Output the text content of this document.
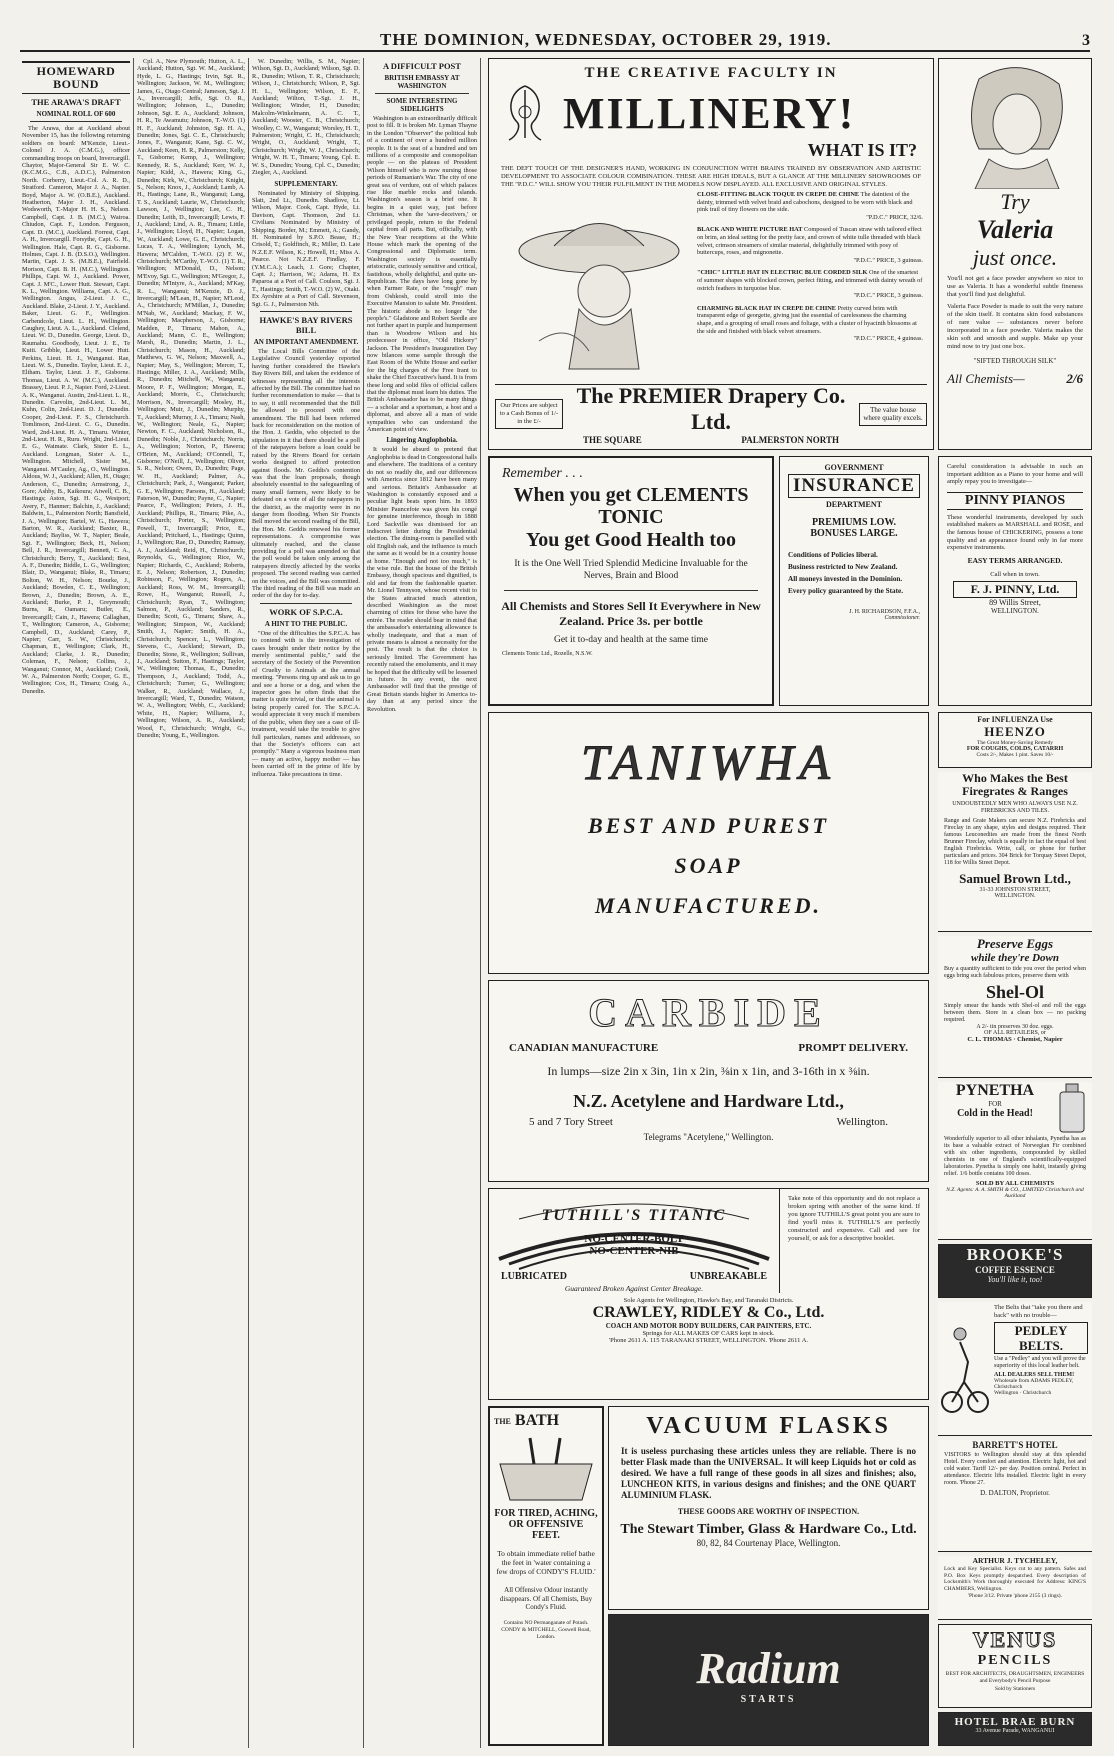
THE DOMINION, WEDNESDAY, OCTOBER 29, 1919.	3
HOMEWARD BOUND
THE ARAWA'S DRAFT
NOMINAL ROLL OF 600

The Arawa, due at Auckland about November 15, has the following returning soldiers on board: M'Kenzie, Lieut.-Colonel J. A. (C.M.G.), officer commanding troops on board, Invercargill. Chaytor, Major-General Sir E. W. C. (K.C.M.G., C.B., A.D.C.), Palmerston North. Corberry, Lieut.-Col. A. R. D., Stratford. Cameron, Major J. A., Napier. Boyd, Major A. W. (O.B.E.), Auckland. Heatherton, Major J. H., Auckland. Wodsworth, T.-Major H. H. S., Nelson. Campbell, Capt. J. B. (M.C.), Wairoa. Chiudon, Capt. F., London. Ferguson, Capt. D. (M.C.), Auckland. Forrest, Capt. A. H., Invercargill. Forsythe, Capt. G. H., Wellington. Hale, Capt. R. G., Gisborne. Holmes, Capt. J. B. (D.S.O.), Wellington. Martin, Capt. J. S. (M.B.E.), Fairfield. Morison, Capt. B. H. (M.C.), Wellington. Phillips, Capt. W. J., Auckland. Power, Capt. J. M'C., Lower Hutt. Stewart, Capt. K. L., Wellington. Williams, Capt. A. G., Wellington. Angus, 2-Lieut. J. C., Auckland. Blake, 2-Lieut. J. Y., Auckland. Baker, Lieut. G. F., Wellington. Carbendcole, Lieut. L. H., Wellington. Caughey, Lieut. A. L., Auckland. Clelend, Lieut. W. D., Dunedin. George, Lieut. D., Raumahu. Goodbody, Lieut. J. E., Te Kuiti. Gribble, Lieut. H., Lower Hutt. Perkins, Lieut. H. J., Wanganui. Rae, Lieut. W. S., Dunedin. Taylor, Lieut. E. J., Eltham. Taylor, Lieut. J. F., Gisborne. Thomas, Lieut. A. W. (M.C.), Auckland. Brassey, Lieut. P. J., Napier. Ford, 2-Lieut. A. K., Wanganui. Austin, 2nd-Lieut. L. R., Dunedin. Carvolin, 2nd-Lieut. L. M., Kuhn, Colin, 2nd-Lieut. D. J., Dunedin. Cooper, 2nd-Lieut. F. S., Christchurch. Tomlinson, 2nd-Lieut. C. G., Dunedin. Ward, 2nd-Lieut. H. A., Timaru. Winter, 2nd-Lieut. H. R., Ruru. Wright, 2nd-Lieut. E. G., Waimate. Clark, Sister E. L., Auckland. Longman, Sister A. L., Wellington. Mitchell, Sister M., Wanganui. M'Cauley, Ag., O., Wellington. Aldous, W. J., Auckland; Allen, H., Otago; Anderson, C., Dunedin; Armstrong, J., Gore; Ashby, B., Kaikoura; Atwell, C. B., Hastings; Aston, Sgt. H. G., Westport; Avery, F., Hanmer; Balchin, J., Auckland; Baldwin, L., Palmerston North; Bansfield, J. A., Wellington; Bartel, W. G., Hawera; Barton, W. R., Auckland; Baxter, R., Auckland; Bayliss, W. T., Napier; Beale, Sgt. F., Wellington; Beck, H., Nelson; Bell, J. R., Invercargill; Bennett, C. A., Christchurch; Berry, T., Auckland; Best, A. F., Dunedin; Biddle, L. G., Wellington; Blair, D., Wanganui; Blake, R., Timaru; Bolton, W. H., Nelson; Bourke, J., Auckland; Bowden, C. E., Wellington; Brown, J., Dunedin; Brown, A. E., Auckland; Burke, P. J., Greymouth; Burns, R., Oamaru; Butler, E., Invercargill; Cain, J., Hawera; Callaghan, T., Wellington; Cameron, A., Gisborne; Campbell, D., Auckland; Carey, P., Napier; Carr, S. W., Christchurch; Chapman, E., Wellington; Clark, H., Auckland; Clarke, J. R., Dunedin; Coleman, F., Nelson; Collins, J., Wanganui; Connor, M., Auckland; Cook, W. A., Palmerston North; Cooper, G. E., Wellington; Cox, H., Timaru; Craig, A., Dunedin.

Cpl. A., New Plymouth; Hutton, A. L., Auckland; Hutton, Sgt. W. M., Auckland; Hyde, L. G., Hastings; Irvin, Sgt. R., Wellington; Jackson, W. M., Wellington; James, G., Otago Central; Jameson, Sgt. J. A., Invercargill; Jeffs, Sgt. O. R., Wellington; Johnson, L., Dunedin; Johnson, Sgt. E. A., Auckland; Johnson, H. R., Te Awamutu; Johnson, T.-W.O. (1) H. F., Auckland; Johnston, Sgt. H. A., Dunedin; Jones, Sgt. C. E., Christchurch; Jones, F., Wanganui; Kane, Sgt. C. W., Auckland; Keen, H. R., Palmerston; Kelly, T., Gisborne; Kemp, J., Wellington; Kennedy, R. S., Auckland; Kerr, W. J., Napier; Kidd, A., Hawera; King, G., Dunedin; Kirk, W., Christchurch; Knight, S., Nelson; Knox, J., Auckland; Lamb, A. H., Hastings; Lane, R., Wanganui; Lang, T. S., Auckland; Laurie, W., Christchurch; Lawson, J., Wellington; Lee, C. H., Dunedin; Leith, D., Invercargill; Lewis, F. J., Auckland; Lind, A. R., Timaru; Little, J., Wellington; Lloyd, H., Napier; Logan, W., Auckland; Lowe, G. E., Christchurch; Lucas, T. A., Wellington; Lynch, M., Hawera; M'Caldon, T.-W.O. (2) F. W., Christchurch; M'Carthy, T.-W.O. (1) T. R., Wellington; M'Donald, D., Nelson; M'Evoy, Sgt. C., Wellington; M'Gregor, J., Dunedin; M'Intyre, A., Auckland; M'Kay, R. L., Wanganui; M'Kenzie, D. J., Invercargill; M'Lean, H., Napier; M'Leod, A., Christchurch; M'Millan, J., Dunedin; M'Nab, W., Auckland; Mackay, F. W., Wellington; Macpherson, J., Gisborne; Madden, P., Timaru; Mahon, A., Auckland; Mann, C. E., Wellington; Marsh, R., Dunedin; Martin, J. L., Christchurch; Mason, H., Auckland; Matthews, G. W., Nelson; Maxwell, A., Napier; May, S., Wellington; Mercer, T., Hastings; Miller, J. A., Auckland; Mills, R., Dunedin; Mitchell, W., Wanganui; Moore, P. F., Wellington; Morgan, E., Auckland; Morris, C., Christchurch; Morrison, N., Invercargill; Mosley, H., Wellington; Muir, J., Dunedin; Murphy, T., Auckland; Murray, J. A., Timaru; Nash, W., Wellington; Neale, G., Napier; Newton, F. C., Auckland; Nicholson, R., Dunedin; Noble, J., Christchurch; Norris, A., Wellington; Norton, P., Hawera; O'Brien, M., Auckland; O'Connell, T., Gisborne; O'Neill, J., Wellington; Oliver, S. R., Nelson; Owen, D., Dunedin; Page, W. H., Auckland; Palmer, A., Christchurch; Park, J., Wanganui; Parker, G. E., Wellington; Parsons, H., Auckland; Paterson, W., Dunedin; Payne, C., Napier; Pearce, F., Wellington; Peters, J. H., Auckland; Phillips, R., Timaru; Pike, A., Christchurch; Porter, S., Wellington; Powell, T., Invercargill; Price, E., Auckland; Pritchard, L., Hastings; Quinn, J., Wellington; Rae, D., Dunedin; Ramsay, A. J., Auckland; Reid, H., Christchurch; Reynolds, G., Wellington; Rice, W., Napier; Richards, C., Auckland; Roberts, E. J., Nelson; Robertson, J., Dunedin; Robinson, F., Wellington; Rogers, A., Auckland; Ross, W. M., Invercargill; Rowe, H., Wanganui; Russell, J., Christchurch; Ryan, T., Wellington; Salmon, P., Auckland; Sanders, R., Dunedin; Scott, G., Timaru; Shaw, A., Wellington; Simpson, W., Auckland; Smith, J., Napier; Smith, H. A., Christchurch; Spencer, L., Wellington; Stevens, C., Auckland; Stewart, D., Dunedin; Stone, R., Wellington; Sullivan, J., Auckland; Sutton, F., Hastings; Taylor, W., Wellington; Thomas, E., Dunedin; Thompson, J., Auckland; Todd, A., Christchurch; Turner, G., Wellington; Walker, R., Auckland; Wallace, J., Invercargill; Ward, T., Dunedin; Watson, W. A., Wellington; Webb, C., Auckland; White, H., Napier; Williams, J., Wellington; Wilson, A. R., Auckland; Wood, F., Christchurch; Wright, G., Dunedin; Young, E., Wellington.

W. Dunedin; Willis, S. M., Napier; Wilson, Sgt. D., Auckland; Wilson, Sgt. D. R., Dunedin; Wilson, T. R., Christchurch; Wilson, J., Christchurch; Wilson, P., Sgt. H. L., Wellington; Wilson, E. F., Auckland; Wilton, T.-Sgt. J. H., Wellington; Winder, H., Dunedin; Malcolm-Winkelmann, A. C. T., Auckland; Wooster, C. B., Christchurch; Woolley, C. W., Wanganui; Worsley, H. T., Palmerston; Wright, C. H., Christchurch; Wright, O., Auckland; Wright, T., Christchurch; Wright, W. J., Christchurch; Wright, W. H. T., Timaru; Young, Cpl. E. W. S., Dunedin; Young, Cpl. C., Dunedin; Ziegler, A., Auckland.

SUPPLEMENTARY.

Nominated by Ministry of Shipping. Slatt, 2nd Lt., Dunedin. Shadlove, Lt. Wilson, Major. Cook, Capt. Hyde, Lt. Davison, Capt. Thomson, 2nd Lt. Civilians Nominated by Ministry of Shipping. Border, M.; Emmett, A.; Gandy, H. Nominated by S.P.O. Bease, H.; Crisold, T.; Goldfinch, R.; Miller, D. Late N.Z.E.F. Wilson, K.; Howell, H.; Miss A. Pearce. Not N.Z.E.F. Findlay, F. (Y.M.C.A.); Leach, J. Gore; Chapter, Capt. J.; Harrison, W.; Adams, H. Ex Paparoa at a Port of Call. Coulson, Sgt. J. T., Hastings; Smith, T.-W.O. (2) W., Otaki. Ex Ayrshire at a Port of Call. Stevenson, Sgt. G. J., Palmerston Nth.

HAWKE'S BAY RIVERS BILL
AN IMPORTANT AMENDMENT.

The Local Bills Committee of the Legislative Council yesterday reported having further considered the Hawke's Bay Rivers Bill, and taken the evidence of witnesses representing all the interests affected by the Bill. The committee had no further recommendation to make — that is to say, it still recommended that the Bill be allowed to proceed with one amendment. The Bill had been referred back for reconsideration on the motion of the Hon. J. Geddis, who objected to the stipulation in it that there should be a poll of the ratepayers before a loan could be raised by the Rivers Board for certain works designed to afford protection against floods. Mr. Geddis's contention was that the loan proposals, though absolutely essential to the safeguarding of many small farmers, were likely to be defeated on a vote of all the ratepayers in the district, as the majority were in no danger from flooding. When Sir Francis Bell moved the second reading of the Bill, the Hon. Mr. Geddis renewed his former representations. A compromise was ultimately reached, and the clause providing for a poll was amended so that the poll would be taken only among the ratepayers directly affected by the works proposed. The second reading was carried on the voices, and the Bill was committed. The third reading of the Bill was made an order of the day for to-day.

WORK OF S.P.C.A.
A HINT TO THE PUBLIC.

"One of the difficulties the S.P.C.A. has to contend with is the investigation of cases brought under their notice by the merely sentimental public," said the secretary of the Society of the Prevention of Cruelty to Animals at the annual meeting. "Persons ring up and ask us to go and see a horse or a dog, and when the inspector goes he often finds that the matter is quite trivial, or that the animal is being properly cared for. The S.P.C.A. would appreciate it very much if members of the public, when they see a case of ill-treatment, would take the trouble to give full particulars, names and addresses, so that the Society's officers can act promptly." Many a vigorous business man — many an active, happy mother — has been carried off in the prime of life by influenza. Take precautions in time.

A DIFFICULT POST
BRITISH EMBASSY AT WASHINGTON
SOME INTERESTING SIDELIGHTS

Washington is an extraordinarily difficult post to fill. It is broken Mr. Lyman Thayne in the London "Observer" the political hub of a continent of over a hundred million people. It is the seat of a hundred and ten millions of a composite and cosmopolitan people — on the plateau of President Wilson himself who is now nursing those periods of Rumanian's War. The city of one great sea of verdure, out of which palaces rise like marble rocks and islands. Washington's season is a brief one. It begins in a quiet way, just before Christmas, when the 'save-deceivers,' or privileged people, return to the Federal capital from all parts. But, officially, with the New Year receptions at the White House which mark the opening of the Congressional and Diplomatic term. Washington society is essentially aristocratic, curiously sensitive and critical, fastidious, wholly delightful, and quite un-Republican. The days have long gone by when Farmer Rate, or the "rough" man from Oshkosh, could stroll into the Executive Mansion to salute Mr. President. The historic abode is no longer "the people's." Gladstone and Robert Seedle are not further apart in purple and humperment than is Woodrow Wilson and his predecessor in office, "Old Hickory" Jackson. The President's Inauguration Day now bilances some sample through the East Room of the White House and earlier for the big charges of the Free Irant to shake the Chief Executive's hand. It is from these long and solid files of official callers that the diplomat must learn his duties. The British Ambassador has to be many things — a scholar and a sportsman, a host and a diplomat, and above all a man of wide sympathies who can understand the American point of view.

Lingering Anglophobia.

It would be absurd to pretend that Anglophobia is dead in Congressional halls and elsewhere. The traditions of a century do not so readily die, and our differences with America since 1812 have been many and serious. Britain's Ambassador at Washington is constantly exposed and a peculiar light beats upon him. In 1893 Minister Pauncefote was given his congé for genuine interference, though in 1888 Lord Sackville was dismissed for an indiscreet letter during the Presidential election. The dining-room is panelled with old English oak, and the influence is much the same as it would be in a country house at home. "Enough and not too much," is the wise rule. But the house of the British Embassy, though spacious and dignified, is old and far from the fashionable quarter. Mr. Lionel Tennyson, whose recent visit to the States attracted much attention, described Washington as the most charming of cities for those who have the entrée. The reader should bear in mind that the ambassador's entertaining allowance is wholly inadequate, and that a man of private means is almost a necessity for the post. The result is that the choice is seriously limited. The Government has recently raised the emoluments, and it may be hoped that the difficulty will be lessened in future. In any event, the next Ambassador will find that the prestige of Great Britain stands higher in America to-day than at any period since the Revolution.

THE CREATIVE FACULTY IN
MILLINERY!
WHAT IS IT?
THE DEFT TOUCH OF THE DESIGNER'S HAND, WORKING IN CONJUNCTION WITH BRAINS TRAINED BY OBSERVATION AND ARTISTIC DEVELOPMENT TO ASSOCIATE COLOUR COMBINATION. THESE ARE HIGH IDEALS, BUT A GLANCE AT THE MILLINERY SHOWROOMS OF THE "P.D.C." WILL SHOW YOU THEIR FULFILMENT IN THE MODELS NOW DISPLAYED. ALL EXCLUSIVE AND ORIGINAL STYLES.
CLOSE-FITTING BLACK TOQUE IN CREPE DE CHINE The daintiest of the dainty, trimmed with velvet braid and cabochons, designed to be worn with black and pink trail of tiny flowers on the side.

"P.D.C." PRICE, 32/6.
BLACK AND WHITE PICTURE HAT Composed of Tuscan straw with tailored effect on brim, an ideal setting for the pretty face, and crown of white tulle threaded with black velvet, crimson streamers of similar material, delightfully trimmed with posy of buttercups, roses, and mignonette.

"P.D.C." PRICE, 3 guineas.
"CHIC" LITTLE HAT IN ELECTRIC BLUE CORDED SILK One of the smartest of summer shapes with blocked crown, perfect fitting, and trimmed with dainty wreath of ostrich feathers in turquoise blue.

"P.D.C." PRICE, 3 guineas.
CHARMING BLACK HAT IN CREPE DE CHINE Pretty curved brim with transparent edge of georgette, giving just the essential of carelessness the charming shape, and a grouping of small roses and foliage, with a cluster of hyacinth blossoms at the side and finished with black velvet streamers.

"P.D.C." PRICE, 4 guineas.
Our Prices are subject to a Cash Bonus of 1/- in the £/-
The PREMIER Drapery Co. Ltd.
THE SQUARE	PALMERSTON NORTH
The value house where quality excels.
Try
Valeria
just once.
You'll not get a face powder anywhere so nice to use as Valeria. It has a wonderful subtle fineness that you'll find just delightful.
Valeria Face Powder is made to suit the very nature of the skin itself. It contains skin food substances of rare value — substances never before incorporated in a face powder. Valeria makes the skin soft and smooth and supple. Make up your mind now to try just one box.
"SIFTED THROUGH SILK"
All Chemists—	2/6
Remember . . .
When you get CLEMENTS TONIC
You get Good Health too
It is the One Well Tried Splendid Medicine Invaluable for the Nerves, Brain and Blood
All Chemists and Stores Sell It Everywhere in New Zealand. Price 3s. per bottle
Get it to-day and health at the same time
Clements Tonic Ltd., Rozelle, N.S.W.
GOVERNMENT
INSURANCE
DEPARTMENT
PREMIUMS LOW.
BONUSES LARGE.
Conditions of Policies liberal.
Business restricted to New Zealand.
All moneys invested in the Dominion.
Every policy guaranteed by the State.
J. H. RICHARDSON, F.F.A.,
Commissioner.
Careful consideration is advisable in such an important addition as a Piano to your home and will amply repay you to investigate—
PINNY PIANOS
These wonderful instruments, developed by such established makers as MARSHALL and ROSE, and the famous house of CHICKERING, possess a tone quality and an appearance found only in far more expensive instruments.
EASY TERMS ARRANGED.
Call when in town.
F. J. PINNY, Ltd.
89 Willis Street,
WELLINGTON.
TANIWHA
BEST AND PUREST
SOAP
MANUFACTURED.
For INFLUENZA Use
HEENZO
The Great Money-Saving Remedy
FOR COUGHS, COLDS, CATARRH
Costs 2/-, Makes 1 pint. Saves 10/-
Who Makes the Best Firegrates & Ranges
UNDOUBTEDLY MEN WHO ALWAYS USE N.Z. FIREBRICKS AND TILES.
Range and Grate Makers can secure N.Z. Firebricks and Fireclay in any shape, styles and designs required. Their famous Leuconedites are made from the finest North Brunner Fireclay, which is equally in fact the equal of best English Firebricks. Write, call, or phone for further particulars and prices. 304 Brick for Torquay Street Depot, 118 for Willis Street Depot.
Samuel Brown Ltd.,
31-33 JOHNSTON STREET,
WELLINGTON.
Preserve Eggs
while they're Down
Buy a quantity sufficient to tide you over the period when eggs bring such fabulous prices, preserve them with
Shel-Ol
Simply smear the hands with Shel-ol and roll the eggs between them. Store in a clean box — no packing required.
A 2/- tin preserves 30 doz. eggs.
OF ALL RETAILERS, or
C. L. THOMAS · Chemist, Napier
CARBIDE
CANADIAN MANUFACTURE	PROMPT DELIVERY.
In lumps—size 2in x 3in, 1in x 2in, ⅜in x 1in, and 3-16th in x ⅜in.
N.Z. Acetylene and Hardware Ltd.,
5 and 7 Tory Street	Wellington.
Telegrams "Acetylene," Wellington.
PYNETHA
FOR
Cold in the Head!
Wonderfully superior to all other inhalants, Pynetha has as its base a valuable extract of Norwegian Fir combined with six other ingredients, compounded by skilled chemists in one of England's scientifically-equipped laboratories. Pynetha is simply one habit, instantly giving relief. 1/6 bottle contains 100 doses.
SOLD BY ALL CHEMISTS
N.Z. Agents: A. A. SMITH & CO., LIMITED Christchurch and Auckland
TUTHILL'S TITANIC
NO-CENTER-BOLT
NO-CENTER-NIB
LUBRICATED	UNBREAKABLE
Guaranteed Broken Against Center Breakage.
Take note of this opportunity and do not replace a broken spring with another of the same kind. If you ignore TUTHILL'S great point you are sure to find you'll miss it. TUTHILL'S are perfectly constructed and expensive. Call and see for yourself, or ask for a descriptive booklet.
Sole Agents for Wellington, Hawke's Bay, and Taranaki Districts.
CRAWLEY, RIDLEY & Co., Ltd.
COACH AND MOTOR BODY BUILDERS, CAR PAINTERS, ETC.
Springs for ALL MAKES OF CARS kept in stock.
'Phone 2611 A. 115 TARANAKI STREET, WELLINGTON. 'Phone 2611 A.
BROOKE'S
COFFEE ESSENCE
You'll like it, too!
The Belts that "take you there and back" with no trouble—
PEDLEY BELTS.
Use a "Pedley" and you will prove the superiority of this local leather belt.
ALL DEALERS SELL THEM!
Wholesale from ADAMS PEDLEY, Christchurch
Wellington · Christchurch
BARRETT'S HOTEL
VISITORS to Wellington should stay at this splendid Hotel. Every comfort and attention. Electric light, hot and cold water. Tariff 12/- per day. Position central. Perfect in attendance. Electric lifts installed. Electric light in every room. 'Phone 27.
D. DALTON, Proprietor.
THE BATH
FOR TIRED, ACHING, OR OFFENSIVE FEET.
To obtain immediate relief bathe the feet in 'water containing a few drops of CONDY'S FLUID.'
All Offensive Odour instantly disappears. Of all Chemists, Buy Condy's Fluid.
Contains NO Permanganate of Potash. CONDY & MITCHELL, Goswell Road, London.
VACUUM FLASKS
It is useless purchasing these articles unless they are reliable. There is no better Flask made than the UNIVERSAL. It will keep Liquids hot or cold as desired. We have a full range of these goods in all sizes and finishes; also, LUNCHEON KITS, in various designs and finishes; and the ONE QUART ALUMINIUM FLASK.
THESE GOODS ARE WORTHY OF INSPECTION.
The Stewart Timber, Glass & Hardware Co., Ltd.
80, 82, 84 Courtenay Place, Wellington.
Radium
STARTS
ARTHUR J. TYCHELEY,
Lock and Key Specialist. Keys cut to any pattern. Safes and P.O. Box Keys promptly despatched. Every description of Locksmith's Work thoroughly executed for Address: KING'S CHAMBERS, Wellington.
'Phone 3/12. Private 'phone 2155 (3 rings).
VENUS
PENCILS
BEST FOR ARCHITECTS, DRAUGHTSMEN, ENGINEERS and Everybody's Pencil Purpose
Sold by Stationers
HOTEL BRAE BURN
33 Avenue Parade, WANGANUI
